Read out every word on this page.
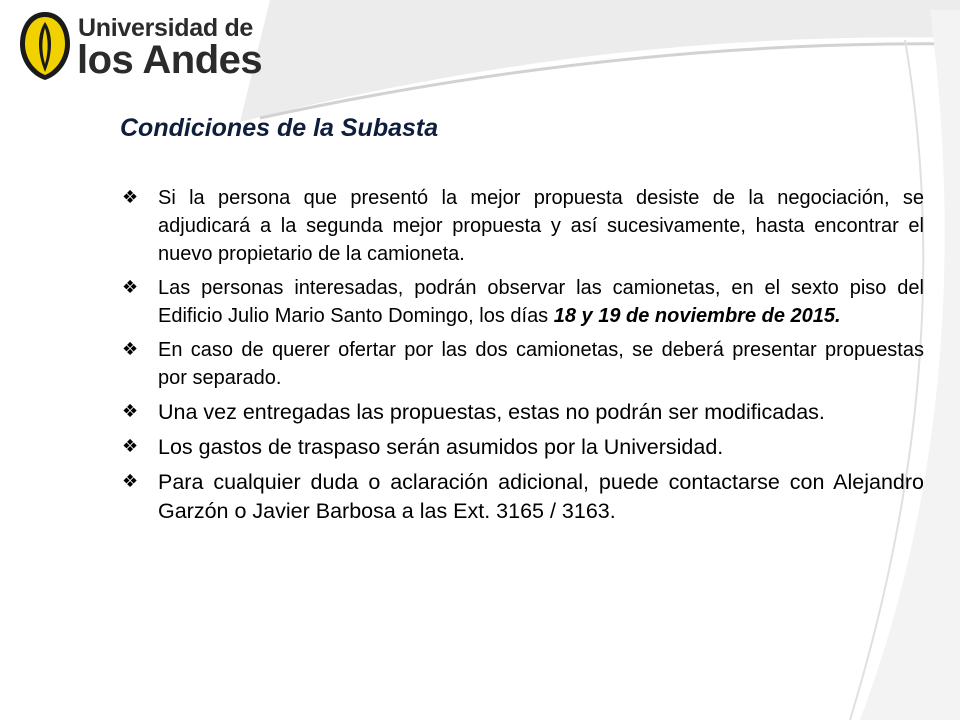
Universidad de
los Andes
Condiciones de la Subasta
❖ Si la persona que presentó la mejor propuesta desiste de la negociación, se adjudicará a la segunda mejor propuesta y así sucesivamente, hasta encontrar el nuevo propietario de la camioneta.
❖ Las personas interesadas, podrán observar las camionetas, en el sexto piso del Edificio Julio Mario Santo Domingo, los días 18 y 19 de noviembre de 2015.
❖ En caso de querer ofertar por las dos camionetas, se deberá presentar propuestas por separado.
❖ Una vez entregadas las propuestas, estas no podrán ser modificadas.
❖ Los gastos de traspaso serán asumidos por la Universidad.
❖ Para cualquier duda o aclaración adicional, puede contactarse con Alejandro Garzón o Javier Barbosa a las Ext. 3165 / 3163.
